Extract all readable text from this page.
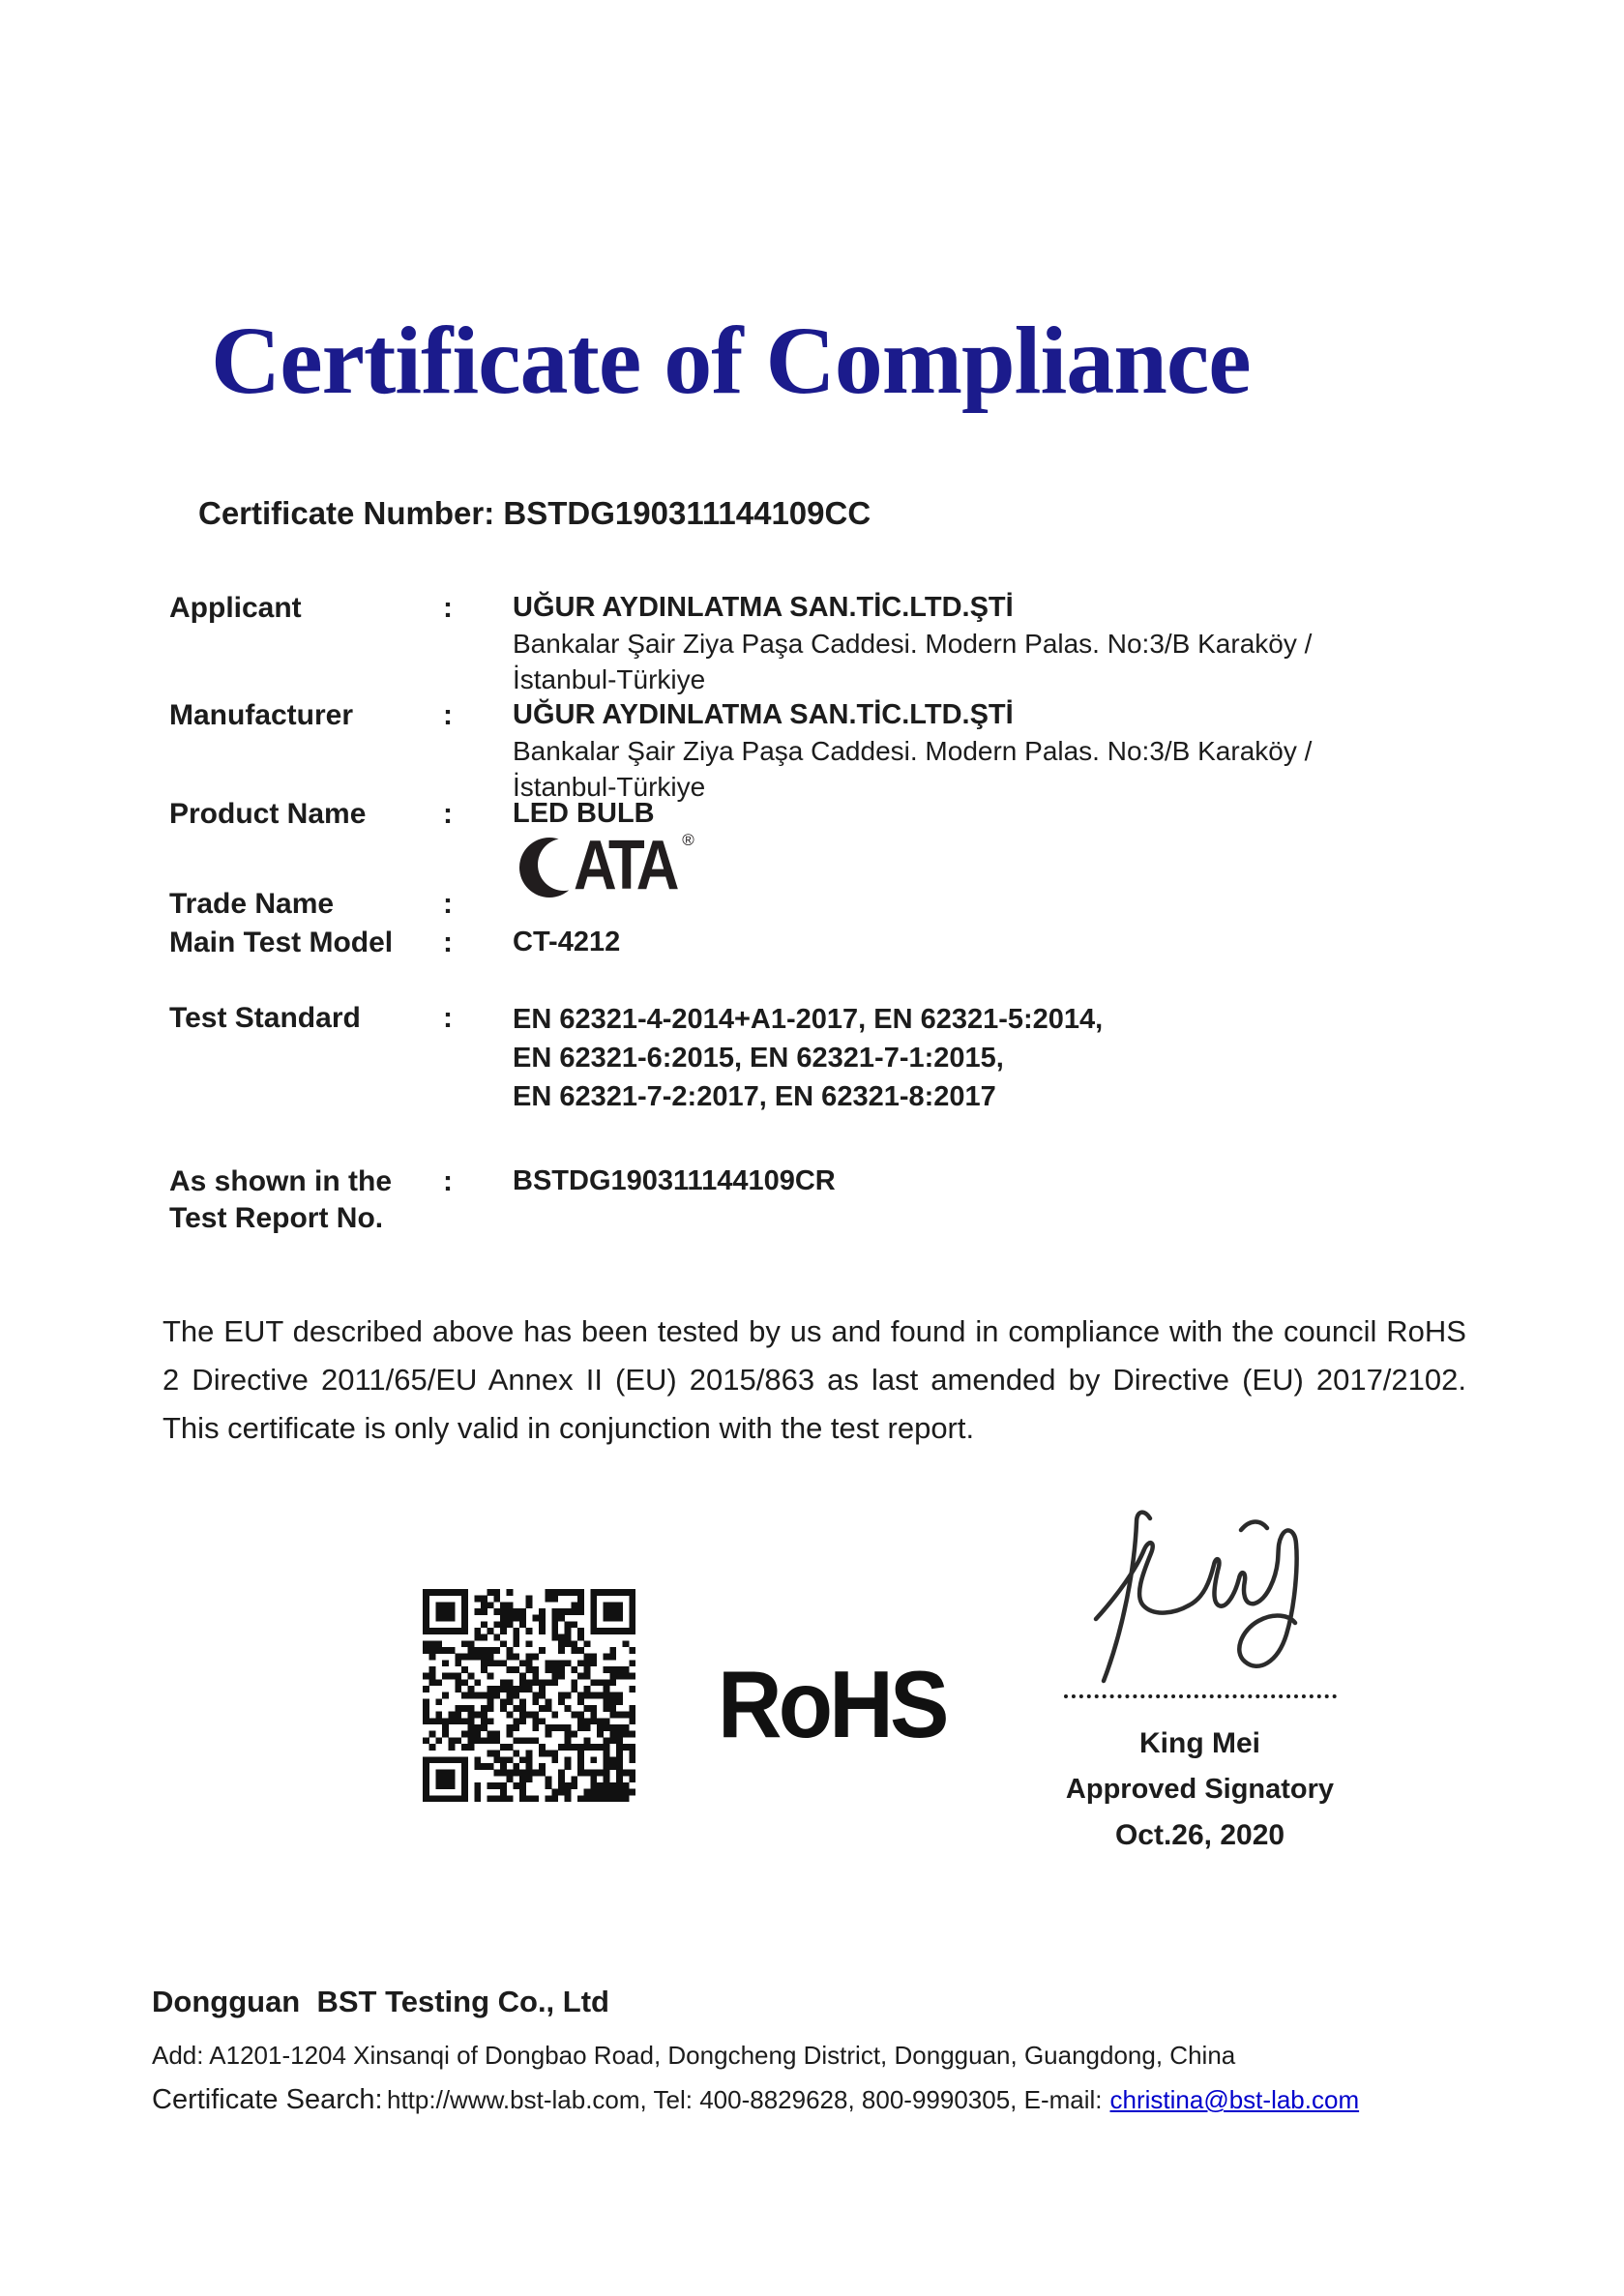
Certificate of Compliance
Certificate Number: BSTDG190311144109CC
Applicant	:	UĞUR AYDINLATMA SAN.TİC.LTD.ŞTİ
Bankalar Şair Ziya Paşa Caddesi. Modern Palas. No:3/B Karaköy /
İstanbul-Türkiye
Manufacturer	:	UĞUR AYDINLATMA SAN.TİC.LTD.ŞTİ
Bankalar Şair Ziya Paşa Caddesi. Modern Palas. No:3/B Karaköy /
İstanbul-Türkiye
Product Name	:	LED BULB
ATA ®
Trade Name	:
Main Test Model	:	CT-4212
Test Standard	:	EN 62321-4-2014+A1-2017, EN 62321-5:2014,
EN 62321-6:2015, EN 62321-7-1:2015,
EN 62321-7-2:2017, EN 62321-8:2017
As shown in the
Test Report No.
:	BSTDG190311144109CR
The EUT described above has been tested by us and found in compliance with the council RoHS 2 Directive 2011/65/EU Annex II (EU) 2015/863 as last amended by Directive (EU) 2017/2102. This certificate is only valid in conjunction with the test report.
RoHS	King Mei
Approved Signatory
Oct.26, 2020
Dongguan  BST Testing Co., Ltd
Add: A1201-1204 Xinsanqi of Dongbao Road, Dongcheng District, Dongguan, Guangdong, China
Certificate Search: http://www.bst-lab.com, Tel: 400-8829628, 800-9990305, E-mail: christina@bst-lab.com
